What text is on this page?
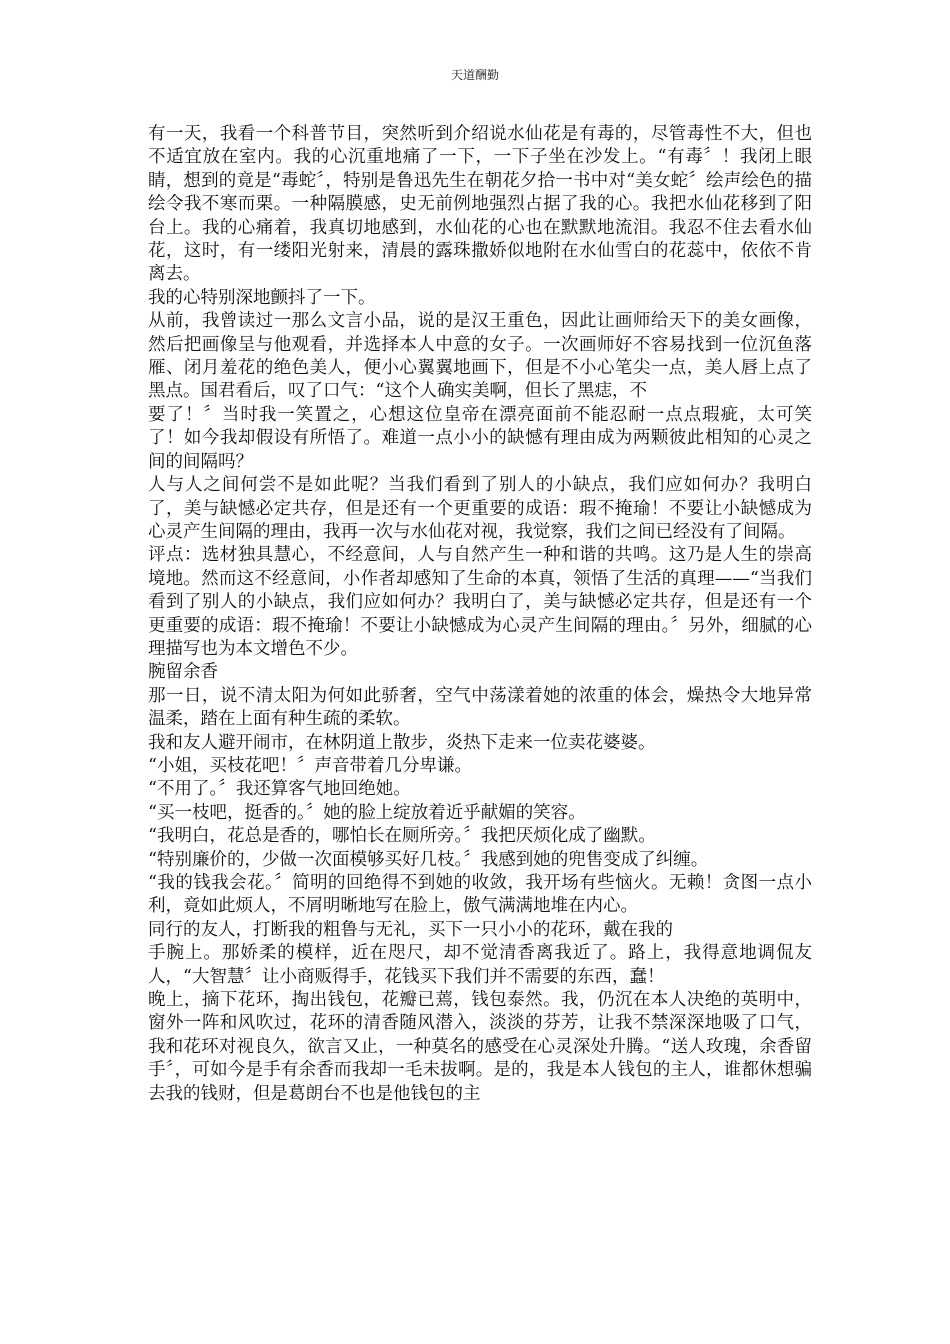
天道酬勤

有一天，我看一个科普节目，突然听到介绍说水仙花是有毒的，尽管毒性不大，但也不适宜放在室内。我的心沉重地痛了一下，一下子坐在沙发上。“有毒〞！我闭上眼睛，想到的竟是“毒蛇〞，特别是鲁迅先生在朝花夕拾一书中对“美女蛇〞绘声绘色的描绘令我不寒而栗。一种隔膜感，史无前例地强烈占据了我的心。我把水仙花移到了阳台上。我的心痛着，我真切地感到，水仙花的心也在默默地流泪。我忍不住去看水仙花，这时，有一缕阳光射来，清晨的露珠撒娇似地附在水仙雪白的花蕊中，依依不肯离去。

我的心特别深地颤抖了一下。

从前，我曾读过一那么文言小品，说的是汉王重色，因此让画师给天下的美女画像，然后把画像呈与他观看，并选择本人中意的女子。一次画师好不容易找到一位沉鱼落雁、闭月羞花的绝色美人，便小心翼翼地画下，但是不小心笔尖一点，美人唇上点了黑点。国君看后，叹了口气：“这个人确实美啊，但长了黑痣，不

要了！〞当时我一笑置之，心想这位皇帝在漂亮面前不能忍耐一点点瑕疵，太可笑了！如今我却假设有所悟了。难道一点小小的缺憾有理由成为两颗彼此相知的心灵之间的间隔吗？

人与人之间何尝不是如此呢？当我们看到了别人的小缺点，我们应如何办？我明白了，美与缺憾必定共存，但是还有一个更重要的成语：瑕不掩瑜！不要让小缺憾成为心灵产生间隔的理由，我再一次与水仙花对视，我觉察，我们之间已经没有了间隔。

评点：选材独具慧心，不经意间，人与自然产生一种和谐的共鸣。这乃是人生的崇高境地。然而这不经意间，小作者却感知了生命的本真，领悟了生活的真理——“当我们看到了别人的小缺点，我们应如何办？我明白了，美与缺憾必定共存，但是还有一个更重要的成语：瑕不掩瑜！不要让小缺憾成为心灵产生间隔的理由。〞另外，细腻的心理描写也为本文增色不少。

腕留余香

那一日，说不清太阳为何如此骄奢，空气中荡漾着她的浓重的体会，燥热令大地异常温柔，踏在上面有种生疏的柔软。

我和友人避开闹市，在林阴道上散步，炎热下走来一位卖花婆婆。

“小姐，买枝花吧！〞声音带着几分卑谦。

“不用了。〞我还算客气地回绝她。

“买一枝吧，挺香的。〞她的脸上绽放着近乎献媚的笑容。

“我明白，花总是香的，哪怕长在厕所旁。〞我把厌烦化成了幽默。

“特别廉价的，少做一次面模够买好几枝。〞我感到她的兜售变成了纠缠。

“我的钱我会花。〞简明的回绝得不到她的收敛，我开场有些恼火。无赖！贪图一点小利，竟如此烦人，不屑明晰地写在脸上，傲气满满地堆在内心。

同行的友人，打断我的粗鲁与无礼，买下一只小小的花环，戴在我的

手腕上。那娇柔的模样，近在咫尺，却不觉清香离我近了。路上，我得意地调侃友人，“大智慧〞让小商贩得手，花钱买下我们并不需要的东西，蠢！

晚上，摘下花环，掏出钱包，花瓣已蔫，钱包泰然。我，仍沉在本人决绝的英明中，窗外一阵和风吹过，花环的清香随风潜入，淡淡的芬芳，让我不禁深深地吸了口气，我和花环对视良久，欲言又止，一种莫名的感受在心灵深处升腾。“送人玫瑰，余香留手〞，可如今是手有余香而我却一毛未拔啊。是的，我是本人钱包的主人，谁都休想骗去我的钱财，但是葛朗台不也是他钱包的主
